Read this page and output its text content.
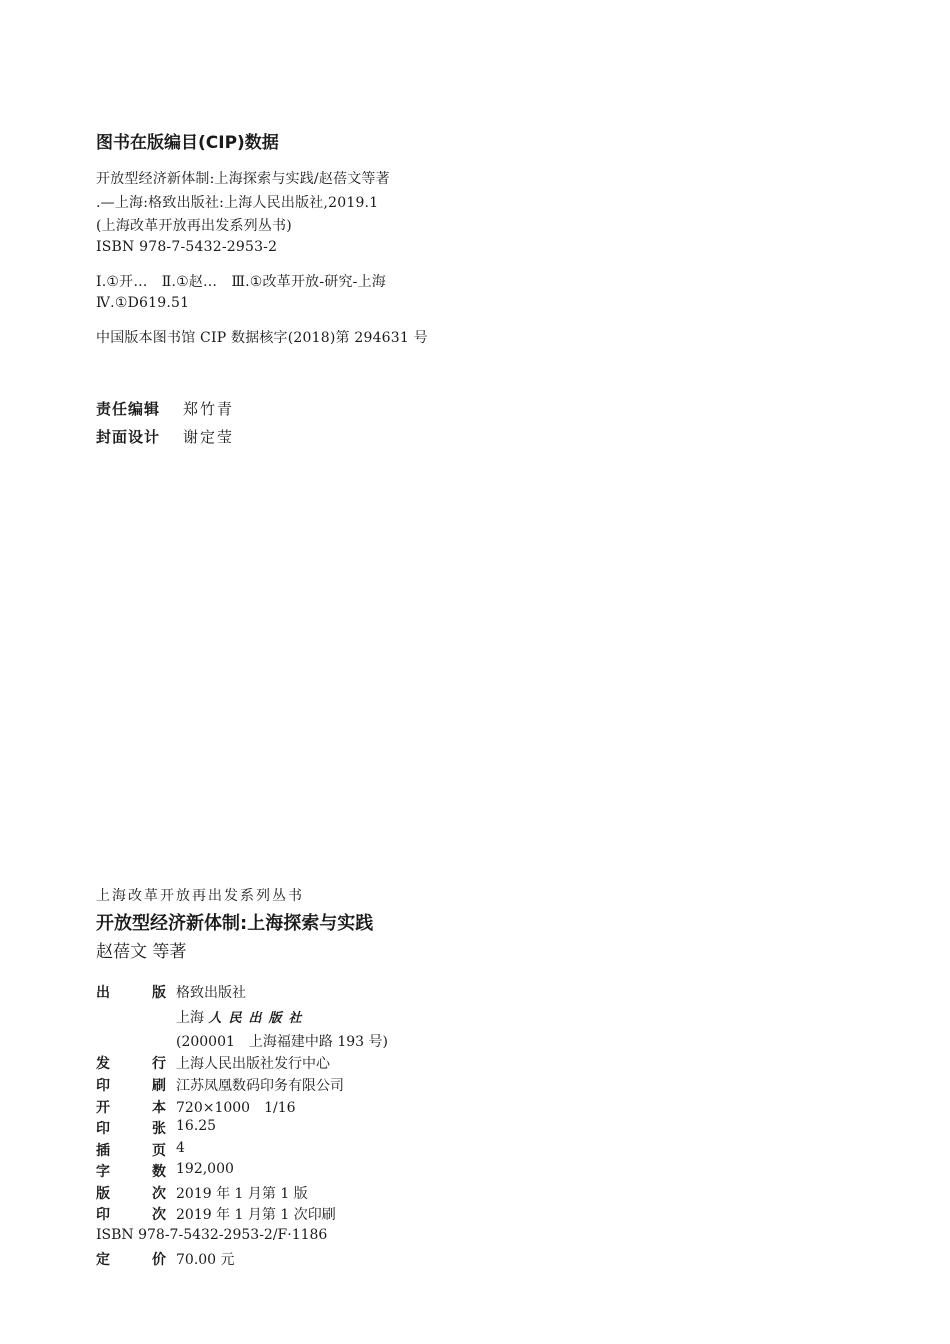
图书在版编目(CIP)数据
开放型经济新体制:上海探索与实践/赵蓓文等著
.—上海:格致出版社:上海人民出版社,2019.1
(上海改革开放再出发系列丛书)
ISBN 978-7-5432-2953-2
Ⅰ.①开…　Ⅱ.①赵…　Ⅲ.①改革开放-研究-上海
Ⅳ.①D619.51
中国版本图书馆 CIP 数据核字(2018)第 294631 号
责任编辑 郑竹青
封面设计 谢定莹
上海改革开放再出发系列丛书
开放型经济新体制:上海探索与实践
赵蓓文 等著
出	版 格致出版社
上海 人民出版社
(200001　上海福建中路 193 号)
发	行 上海人民出版社发行中心
印	刷 江苏凤凰数码印务有限公司
开	本 720×1000　1/16
印	张 16.25
插	页 4
字	数 192,000
版	次 2019 年 1 月第 1 版
印	次 2019 年 1 月第 1 次印刷
ISBN 978-7-5432-2953-2/F·1186
定	价 70.00 元
